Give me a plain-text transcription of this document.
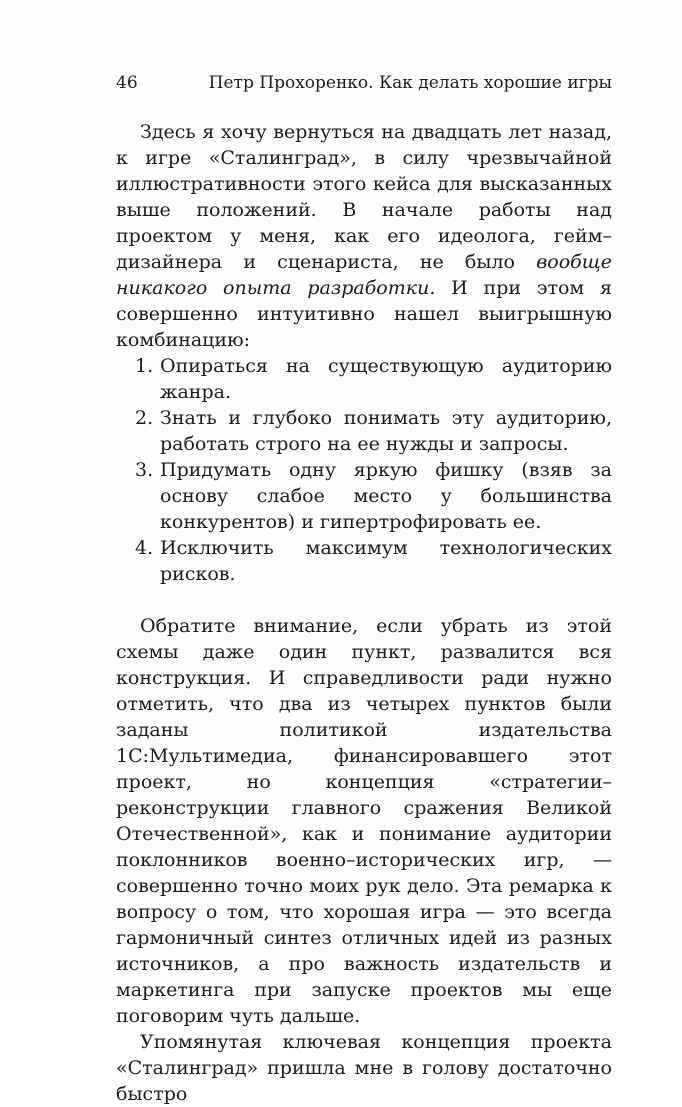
46	Петр Прохоренко. Как делать хорошие игры

Здесь я хочу вернуться на двадцать лет назад, к игре «Сталинград», в силу чрезвычайной иллюстративности этого кейса для высказанных выше положений. В начале работы над проектом у меня, как его идеолога, гейм–дизайнера и сценариста, не было вообще никакого опыта разработки. И при этом я совершенно интуитивно нашел выигрышную комбинацию:

1. Опираться на существующую аудиторию жанра.
2. Знать и глубоко понимать эту аудиторию, работать строго на ее нужды и запросы.
3. Придумать одну яркую фишку (взяв за основу слабое место у большинства конкурентов) и гипертрофировать ее.
4. Исключить максимум технологических рисков.

Обратите внимание, если убрать из этой схемы даже один пункт, развалится вся конструкция. И справедливости ради нужно отметить, что два из четырех пунктов были заданы политикой издательства 1С:Мультимедиа, финансировавшего этот проект, но концепция «стратегии–реконструкции главного сражения Великой Отечественной», как и понимание аудитории поклонников военно–исторических игр, — совершенно точно моих рук дело. Эта ремарка к вопросу о том, что хорошая игра — это всегда гармоничный синтез отличных идей из разных источников, а про важность издательств и маркетинга при запуске проектов мы еще поговорим чуть дальше.

Упомянутая ключевая концепция проекта «Сталинград» пришла мне в голову достаточно быстро
